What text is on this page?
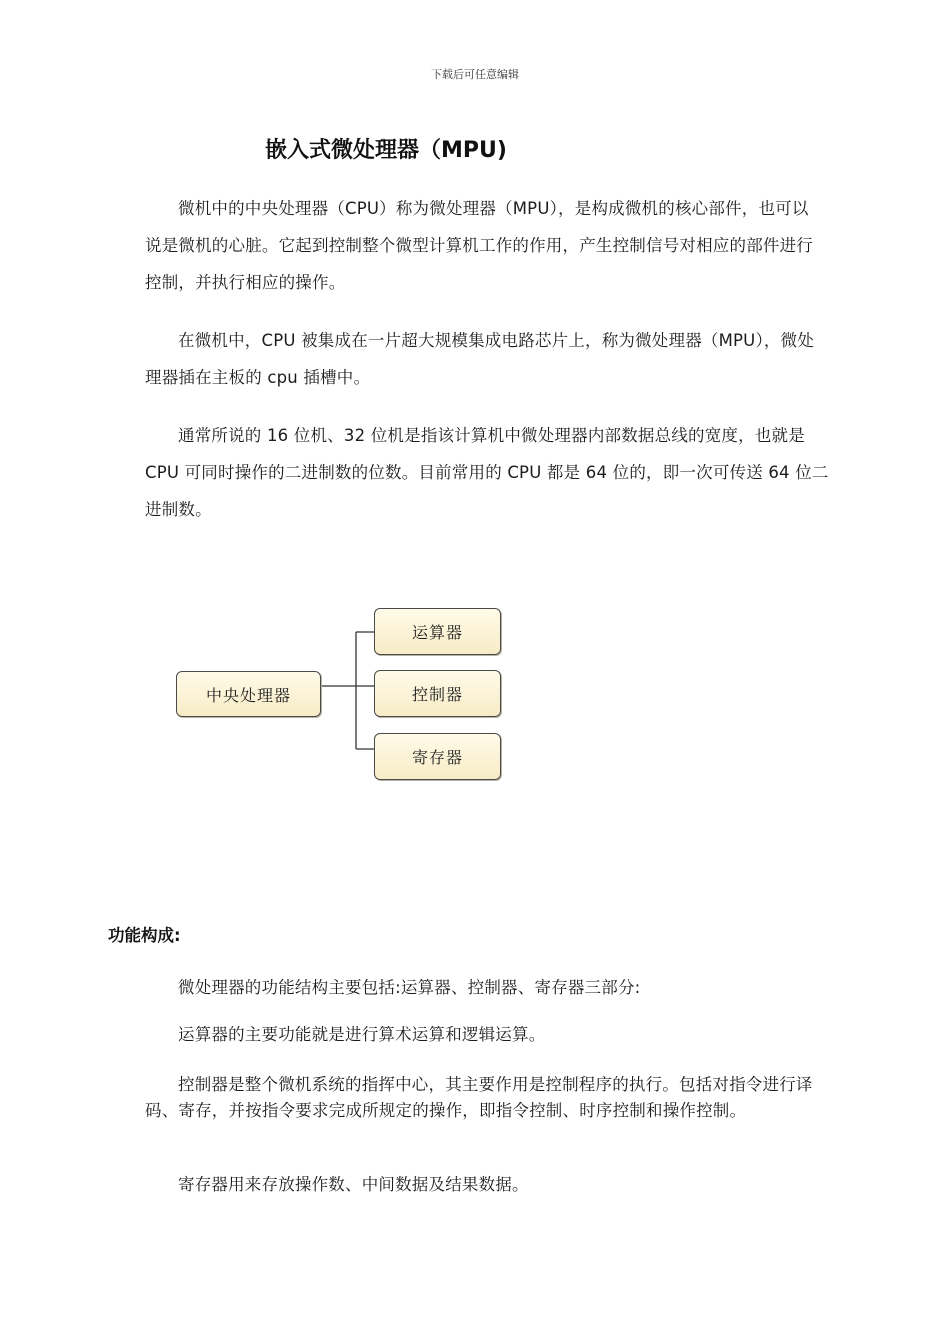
下载后可任意编辑
嵌入式微处理器（MPU)

微机中的中央处理器（CPU）称为微处理器（MPU），是构成微机的核心部件，也可以说是微机的心脏。它起到控制整个微型计算机工作的作用，产生控制信号对相应的部件进行控制，并执行相应的操作。

在微机中，CPU 被集成在一片超大规模集成电路芯片上，称为微处理器（MPU），微处理器插在主板的 cpu 插槽中。

通常所说的 16 位机、32 位机是指该计算机中微处理器内部数据总线的宽度，也就是 CPU 可同时操作的二进制数的位数。目前常用的 CPU 都是 64 位的，即一次可传送 64 位二进制数。

中央处理器
运算器
控制器
寄存器
功能构成:

微处理器的功能结构主要包括:运算器、控制器、寄存器三部分:

运算器的主要功能就是进行算术运算和逻辑运算。

控制器是整个微机系统的指挥中心，其主要作用是控制程序的执行。包括对指令进行译码、寄存，并按指令要求完成所规定的操作，即指令控制、时序控制和操作控制。

寄存器用来存放操作数、中间数据及结果数据。
